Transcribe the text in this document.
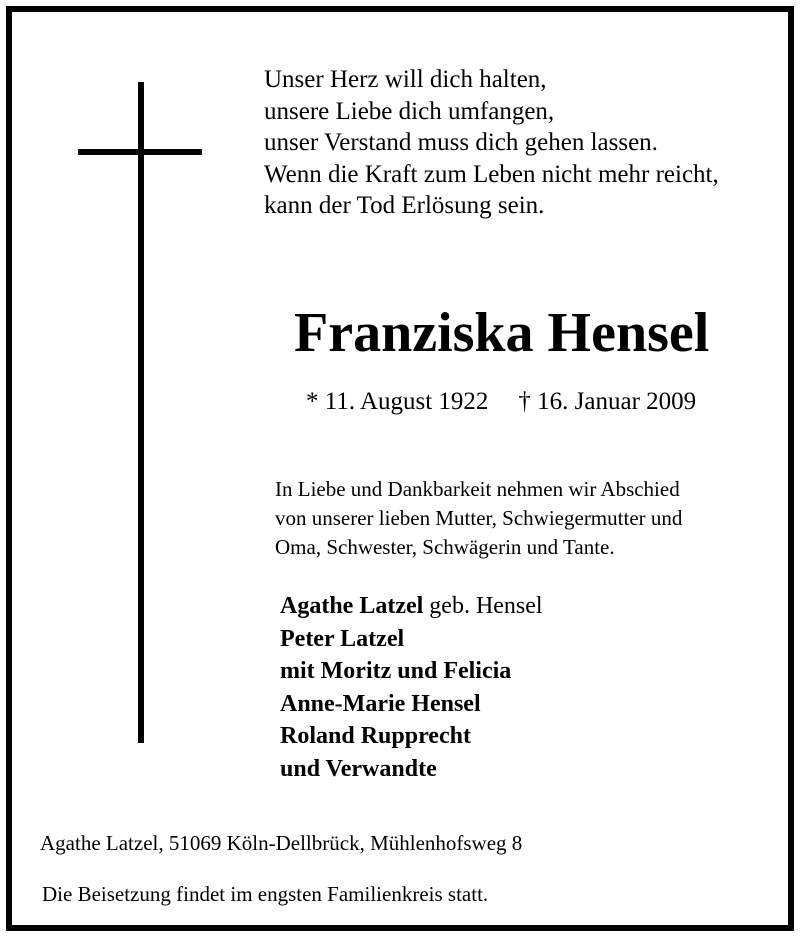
Unser Herz will dich halten,
unsere Liebe dich umfangen,
unser Verstand muss dich gehen lassen.
Wenn die Kraft zum Leben nicht mehr reicht,
kann der Tod Erlösung sein.
Franziska Hensel
* 11. August 1922 † 16. Januar 2009
In Liebe und Dankbarkeit nehmen wir Abschied
von unserer lieben Mutter, Schwiegermutter und
Oma, Schwester, Schwägerin und Tante.
Agathe Latzel geb. Hensel
Peter Latzel
mit Moritz und Felicia
Anne-Marie Hensel
Roland Rupprecht
und Verwandte
Agathe Latzel, 51069 Köln-Dellbrück, Mühlenhofsweg 8
Die Beisetzung findet im engsten Familienkreis statt.
